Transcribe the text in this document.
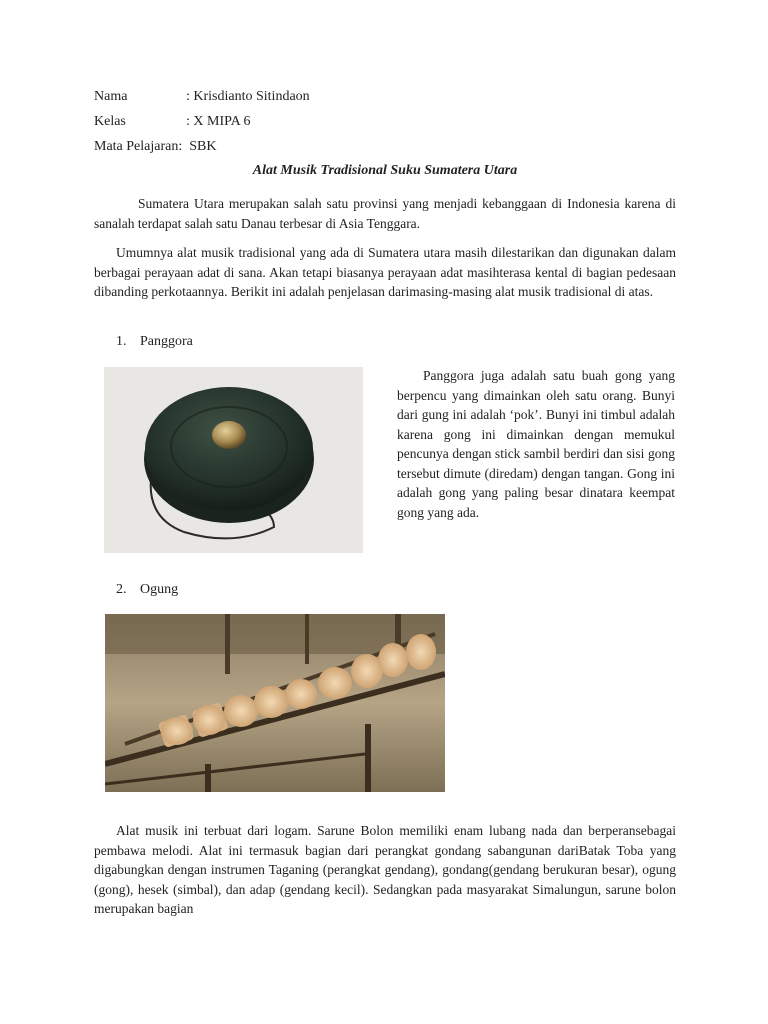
Nama	: Krisdianto Sitindaon
Kelas	: X MIPA 6
Mata Pelajaran: SBK
Alat Musik Tradisional Suku Sumatera Utara

Sumatera Utara merupakan salah satu provinsi yang menjadi kebanggaan di Indonesia karena di sanalah terdapat salah satu Danau terbesar di Asia Tenggara.

Umumnya alat musik tradisional yang ada di Sumatera utara masih dilestarikan dan digunakan dalam berbagai perayaan adat di sana. Akan tetapi biasanya perayaan adat masihterasa kental di bagian pedesaan dibanding perkotaannya. Berikit ini adalah penjelasan darimasing-masing alat musik tradisional di atas.

1. Panggora

Panggora juga adalah satu buah gong yang berpencu yang dimainkan oleh satu orang. Bunyi dari gung ini adalah ‘pok’. Bunyi ini timbul adalah karena gong ini dimainkan dengan memukul pencunya dengan stick sambil berdiri dan sisi gong tersebut dimute (diredam) dengan tangan. Gong ini adalah gong yang paling besar dinatara keempat gong yang ada.

2. Ogung

Alat musik ini terbuat dari logam. Sarune Bolon memiliki enam lubang nada dan berperansebagai pembawa melodi. Alat ini termasuk bagian dari perangkat gondang sabangunan dariBatak Toba yang digabungkan dengan instrumen Taganing (perangkat gendang), gondang(gendang berukuran besar), ogung (gong), hesek (simbal), dan adap (gendang kecil). Sedangkan pada masyarakat Simalungun, sarune bolon merupakan bagian
